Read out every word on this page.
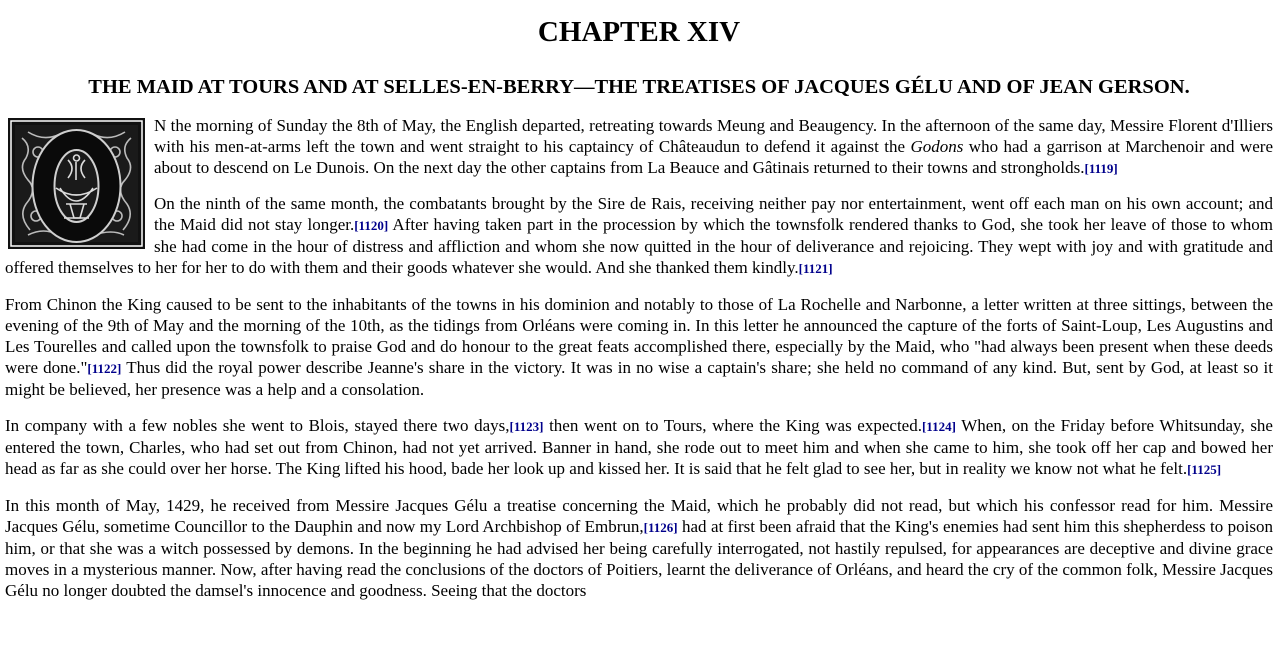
CHAPTER XIV
THE MAID AT TOURS AND AT SELLES-EN-BERRY—THE TREATISES OF JACQUES GÉLU AND OF JEAN GERSON.

N the morning of Sunday the 8th of May, the English departed, retreating towards Meung and Beaugency. In the afternoon of the same day, Messire Florent d'Illiers with his men-at-arms left the town and went straight to his captaincy of Châteaudun to defend it against the Godons who had a garrison at Marchenoir and were about to descend on Le Dunois. On the next day the other captains from La Beauce and Gâtinais returned to their towns and strongholds.[1119]

On the ninth of the same month, the combatants brought by the Sire de Rais, receiving neither pay nor entertainment, went off each man on his own account; and the Maid did not stay longer.[1120] After having taken part in the procession by which the townsfolk rendered thanks to God, she took her leave of those to whom she had come in the hour of distress and affliction and whom she now quitted in the hour of deliverance and rejoicing. They wept with joy and with gratitude and offered themselves to her for her to do with them and their goods whatever she would. And she thanked them kindly.[1121]

From Chinon the King caused to be sent to the inhabitants of the towns in his dominion and notably to those of La Rochelle and Narbonne, a letter written at three sittings, between the evening of the 9th of May and the morning of the 10th, as the tidings from Orléans were coming in. In this letter he announced the capture of the forts of Saint-Loup, Les Augustins and Les Tourelles and called upon the townsfolk to praise God and do honour to the great feats accomplished there, especially by the Maid, who "had always been present when these deeds were done."[1122] Thus did the royal power describe Jeanne's share in the victory. It was in no wise a captain's share; she held no command of any kind. But, sent by God, at least so it might be believed, her presence was a help and a consolation.

In company with a few nobles she went to Blois, stayed there two days,[1123] then went on to Tours, where the King was expected.[1124] When, on the Friday before Whitsunday, she entered the town, Charles, who had set out from Chinon, had not yet arrived. Banner in hand, she rode out to meet him and when she came to him, she took off her cap and bowed her head as far as she could over her horse. The King lifted his hood, bade her look up and kissed her. It is said that he felt glad to see her, but in reality we know not what he felt.[1125]

In this month of May, 1429, he received from Messire Jacques Gélu a treatise concerning the Maid, which he probably did not read, but which his confessor read for him. Messire Jacques Gélu, sometime Councillor to the Dauphin and now my Lord Archbishop of Embrun,[1126] had at first been afraid that the King's enemies had sent him this shepherdess to poison him, or that she was a witch possessed by demons. In the beginning he had advised her being carefully interrogated, not hastily repulsed, for appearances are deceptive and divine grace moves in a mysterious manner. Now, after having read the conclusions of the doctors of Poitiers, learnt the deliverance of Orléans, and heard the cry of the common folk, Messire Jacques Gélu no longer doubted the damsel's innocence and goodness. Seeing that the doctors
